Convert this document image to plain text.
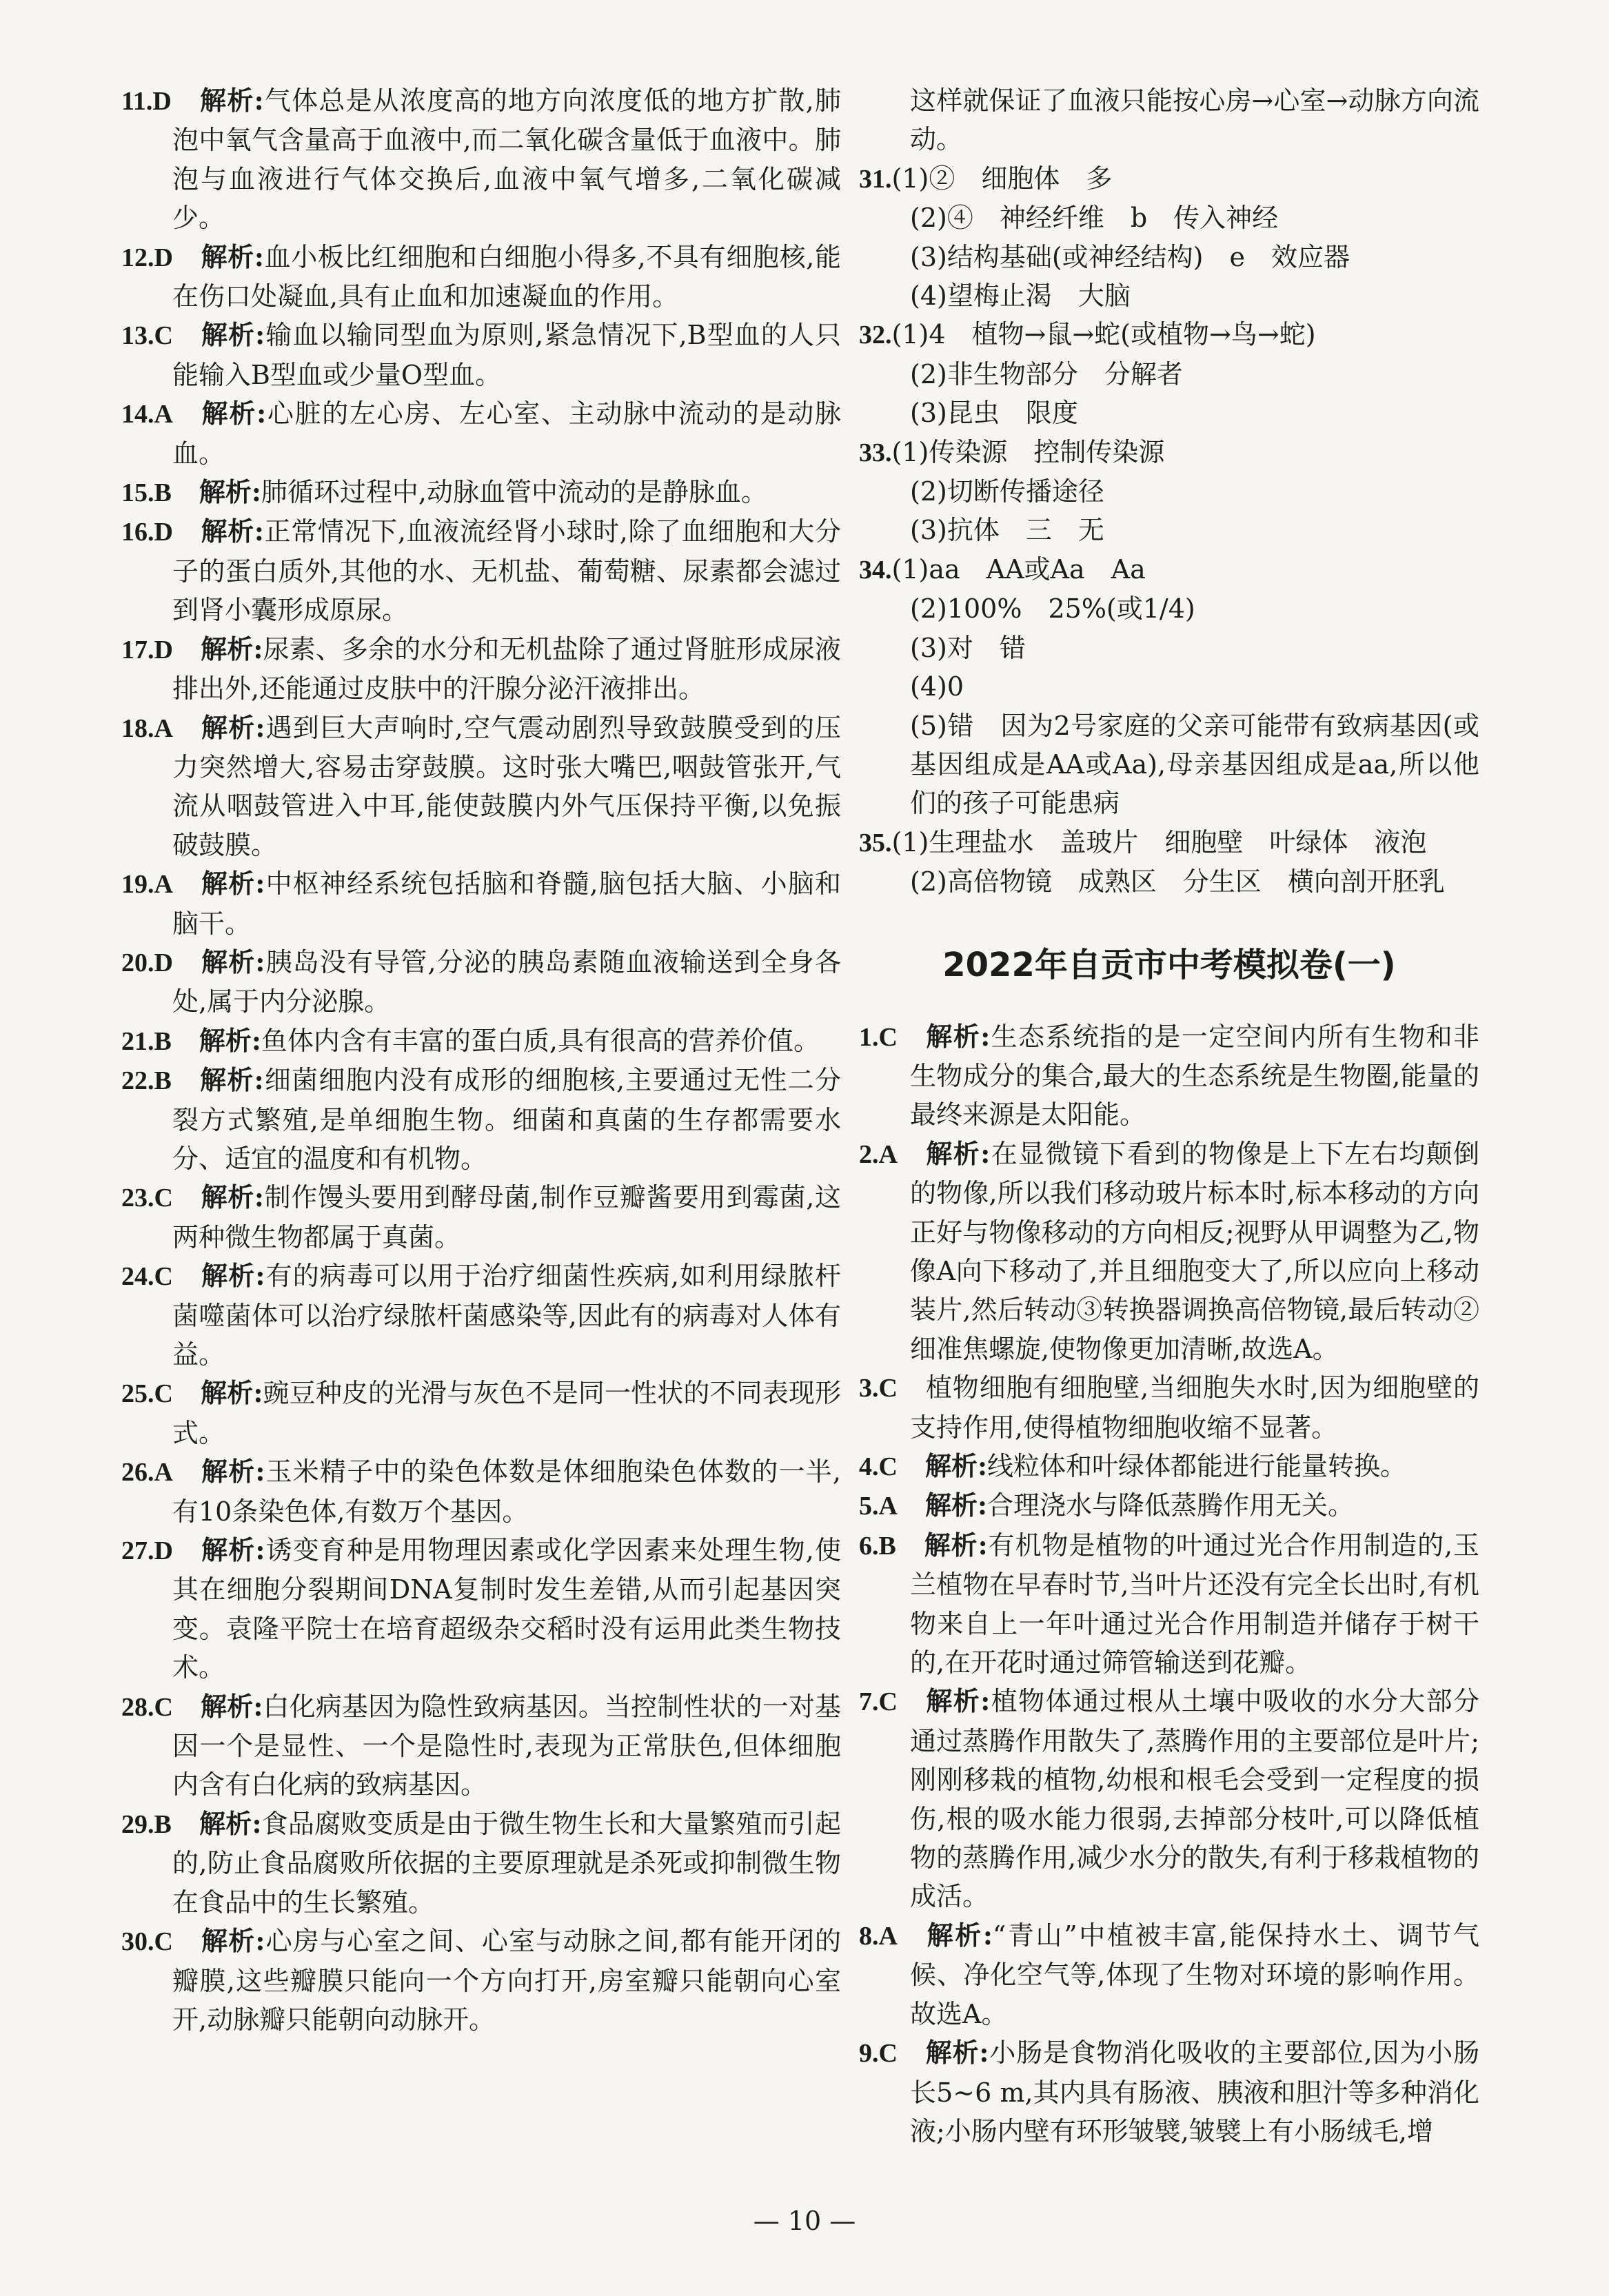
11.D 解析:气体总是从浓度高的地方向浓度低的地方扩散,肺泡中氧气含量高于血液中,而二氧化碳含量低于血液中。肺泡与血液进行气体交换后,血液中氧气增多,二氧化碳减少。

12.D 解析:血小板比红细胞和白细胞小得多,不具有细胞核,能在伤口处凝血,具有止血和加速凝血的作用。

13.C 解析:输血以输同型血为原则,紧急情况下,B型血的人只能输入B型血或少量O型血。

14.A 解析:心脏的左心房、左心室、主动脉中流动的是动脉血。

15.B 解析:肺循环过程中,动脉血管中流动的是静脉血。

16.D 解析:正常情况下,血液流经肾小球时,除了血细胞和大分子的蛋白质外,其他的水、无机盐、葡萄糖、尿素都会滤过到肾小囊形成原尿。

17.D 解析:尿素、多余的水分和无机盐除了通过肾脏形成尿液排出外,还能通过皮肤中的汗腺分泌汗液排出。

18.A 解析:遇到巨大声响时,空气震动剧烈导致鼓膜受到的压力突然增大,容易击穿鼓膜。这时张大嘴巴,咽鼓管张开,气流从咽鼓管进入中耳,能使鼓膜内外气压保持平衡,以免振破鼓膜。

19.A 解析:中枢神经系统包括脑和脊髓,脑包括大脑、小脑和脑干。

20.D 解析:胰岛没有导管,分泌的胰岛素随血液输送到全身各处,属于内分泌腺。

21.B 解析:鱼体内含有丰富的蛋白质,具有很高的营养价值。

22.B 解析:细菌细胞内没有成形的细胞核,主要通过无性二分裂方式繁殖,是单细胞生物。细菌和真菌的生存都需要水分、适宜的温度和有机物。

23.C 解析:制作馒头要用到酵母菌,制作豆瓣酱要用到霉菌,这两种微生物都属于真菌。

24.C 解析:有的病毒可以用于治疗细菌性疾病,如利用绿脓杆菌噬菌体可以治疗绿脓杆菌感染等,因此有的病毒对人体有益。

25.C 解析:豌豆种皮的光滑与灰色不是同一性状的不同表现形式。

26.A 解析:玉米精子中的染色体数是体细胞染色体数的一半,有10条染色体,有数万个基因。

27.D 解析:诱变育种是用物理因素或化学因素来处理生物,使其在细胞分裂期间DNA复制时发生差错,从而引起基因突变。袁隆平院士在培育超级杂交稻时没有运用此类生物技术。

28.C 解析:白化病基因为隐性致病基因。当控制性状的一对基因一个是显性、一个是隐性时,表现为正常肤色,但体细胞内含有白化病的致病基因。

29.B 解析:食品腐败变质是由于微生物生长和大量繁殖而引起的,防止食品腐败所依据的主要原理就是杀死或抑制微生物在食品中的生长繁殖。

30.C 解析:心房与心室之间、心室与动脉之间,都有能开闭的瓣膜,这些瓣膜只能向一个方向打开,房室瓣只能朝向心室开,动脉瓣只能朝向动脉开。

这样就保证了血液只能按心房→心室→动脉方向流动。

31.(1)②　细胞体　多

(2)④　神经纤维　b　传入神经

(3)结构基础(或神经结构)　e　效应器

(4)望梅止渴　大脑

32.(1)4　植物→鼠→蛇(或植物→鸟→蛇)

(2)非生物部分　分解者

(3)昆虫　限度

33.(1)传染源　控制传染源

(2)切断传播途径

(3)抗体　三　无

34.(1)aa　AA或Aa　Aa

(2)100%　25%(或1/4)

(3)对　错

(4)0

(5)错　因为2号家庭的父亲可能带有致病基因(或基因组成是AA或Aa),母亲基因组成是aa,所以他们的孩子可能患病

35.(1)生理盐水　盖玻片　细胞壁　叶绿体　液泡

(2)高倍物镜　成熟区　分生区　横向剖开胚乳

2022年自贡市中考模拟卷(一)

1.C 解析:生态系统指的是一定空间内所有生物和非生物成分的集合,最大的生态系统是生物圈,能量的最终来源是太阳能。

2.A 解析:在显微镜下看到的物像是上下左右均颠倒的物像,所以我们移动玻片标本时,标本移动的方向正好与物像移动的方向相反;视野从甲调整为乙,物像A向下移动了,并且细胞变大了,所以应向上移动装片,然后转动③转换器调换高倍物镜,最后转动②细准焦螺旋,使物像更加清晰,故选A。

3.C 植物细胞有细胞壁,当细胞失水时,因为细胞壁的支持作用,使得植物细胞收缩不显著。

4.C 解析:线粒体和叶绿体都能进行能量转换。

5.A 解析:合理浇水与降低蒸腾作用无关。

6.B 解析:有机物是植物的叶通过光合作用制造的,玉兰植物在早春时节,当叶片还没有完全长出时,有机物来自上一年叶通过光合作用制造并储存于树干的,在开花时通过筛管输送到花瓣。

7.C 解析:植物体通过根从土壤中吸收的水分大部分通过蒸腾作用散失了,蒸腾作用的主要部位是叶片;刚刚移栽的植物,幼根和根毛会受到一定程度的损伤,根的吸水能力很弱,去掉部分枝叶,可以降低植物的蒸腾作用,减少水分的散失,有利于移栽植物的成活。

8.A 解析:“青山”中植被丰富,能保持水土、调节气候、净化空气等,体现了生物对环境的影响作用。故选A。

9.C 解析:小肠是食物消化吸收的主要部位,因为小肠长5~6 m,其内具有肠液、胰液和胆汁等多种消化液;小肠内壁有环形皱襞,皱襞上有小肠绒毛,增

— 10 —
